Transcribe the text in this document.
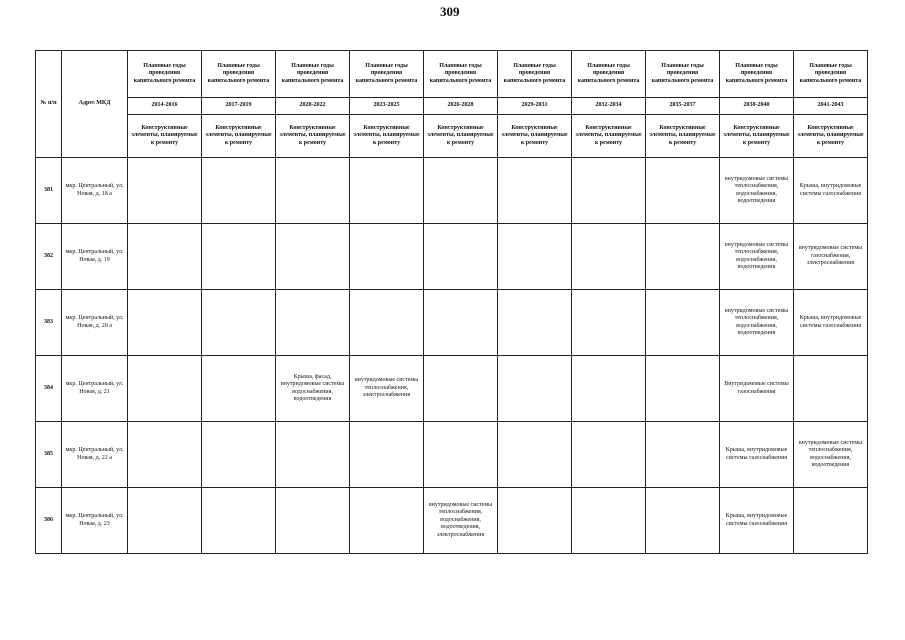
309
№ п/п	Адрес МКД	Плановые годы проведения капитального ремонта	Плановые годы проведения капитального ремонта	Плановые годы проведения капитального ремонта	Плановые годы проведения капитального ремонта	Плановые годы проведения капитального ремонта	Плановые годы проведения капитального ремонта	Плановые годы проведения капитального ремонта	Плановые годы проведения капитального ремонта	Плановые годы проведения капитального ремонта	Плановые годы проведения капитального ремонта
		2014-2016	2017-2019	2020-2022	2023-2025	2026-2028	2029-2031	2032-2034	2035-2037	2038-2040	2041-2043
		Конструктивные элементы, планируемые к ремонту	Конструктивные элементы, планируемые к ремонту	Конструктивные элементы, планируемые к ремонту	Конструктивные элементы, планируемые к ремонту	Конструктивные элементы, планируемые к ремонту	Конструктивные элементы, планируемые к ремонту	Конструктивные элементы, планируемые к ремонту	Конструктивные элементы, планируемые к ремонту	Конструктивные элементы, планируемые к ремонту	Конструктивные элементы, планируемые к ремонту
381	мкр. Центральный, ул. Новая, д. 18 а									внутридомовые системы теплоснабжения, водоснабжения, водоотведения	Крыша, внутридомовые системы газоснабжения
382	мкр. Центральный, ул. Новая, д. 19									внутридомовые системы теплоснабжения, водоснабжения, водоотведения	внутридомовые системы газоснабжения, электроснабжения
383	мкр. Центральный, ул. Новая, д. 20 а									внутридомовые системы теплоснабжения, водоснабжения, водоотведения	Крыша, внутридомовые системы газоснабжения
384	мкр. Центральный, ул. Новая, д. 21			Крыша, фасад, внутридомовые системы водоснабжения, водоотведения	внутридомовые системы теплоснабжения, электроснабжения					Внутридомовые системы газоснабжения	
385	мкр. Центральный, ул. Новая, д. 22 а									Крыша, внутридомовые системы газоснабжения	внутридомовые системы теплоснабжения, водоснабжения, водоотведения
386	мкр. Центральный, ул. Новая, д. 23					внутридомовые системы теплоснабжения, водоснабжения, водоотведения, электроснабжения				Крыша, внутридомовые системы газоснабжения	
